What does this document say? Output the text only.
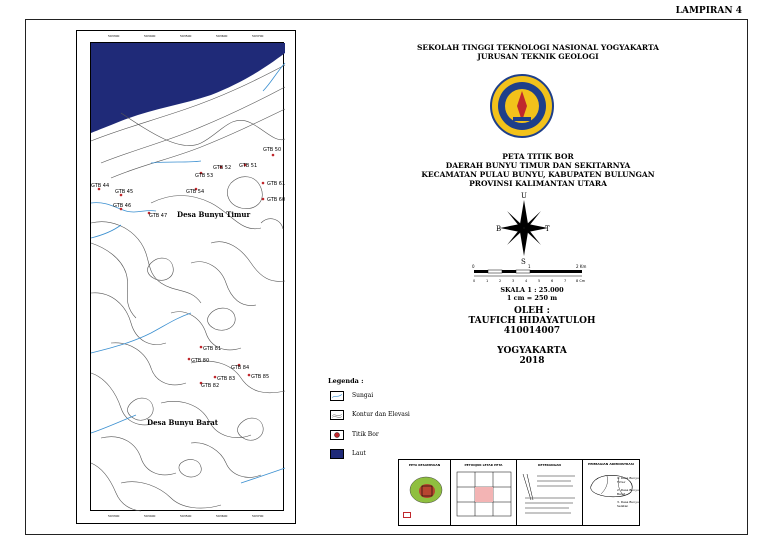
LAMPIRAN 4
593300	593400	593500	593600	593700
593300	593400	593500	593600	593700
GTB 50
GTB 52 GTB 51
GTB 53
GTB 61
GTB 44
GTB 45	GTB 54
GTB 60
GTB 46
GTB 47
GTB 81
GTB 80
GTB 84
GTB 85
GTB 83
GTB 82
Desa Bunyu Timur
Desa Bunyu Barat
SEKOLAH TINGGI TEKNOLOGI NASIONAL YOGYAKARTA
JURUSAN TEKNIK GEOLOGI
PETA TITIK BOR
DAERAH BUNYU TIMUR DAN SEKITARNYA
KECAMATAN PULAU BUNYU, KABUPATEN BULUNGAN
PROVINSI KALIMANTAN UTARA
U
S
B	T
0	1	2 Km
0	1	2	3	4	5	6	7	8 Cm
SKALA 1 : 25.000
1 cm = 250 m
OLEH :
TAUFICH HIDAYATULOH
410014007
YOGYAKARTA
2018
Legenda :
Sungai
Kontur dan Elevasi
Titik Bor
Laut
PETA KESAMPAIAN	PETUNJUK LETAK PETA	KETERANGAN	PEMBAGIAN ADMINISTRASI
1. Desa Bunyu Timur
2. Desa Bunyu Barat
3. Desa Bunyu Selatan
